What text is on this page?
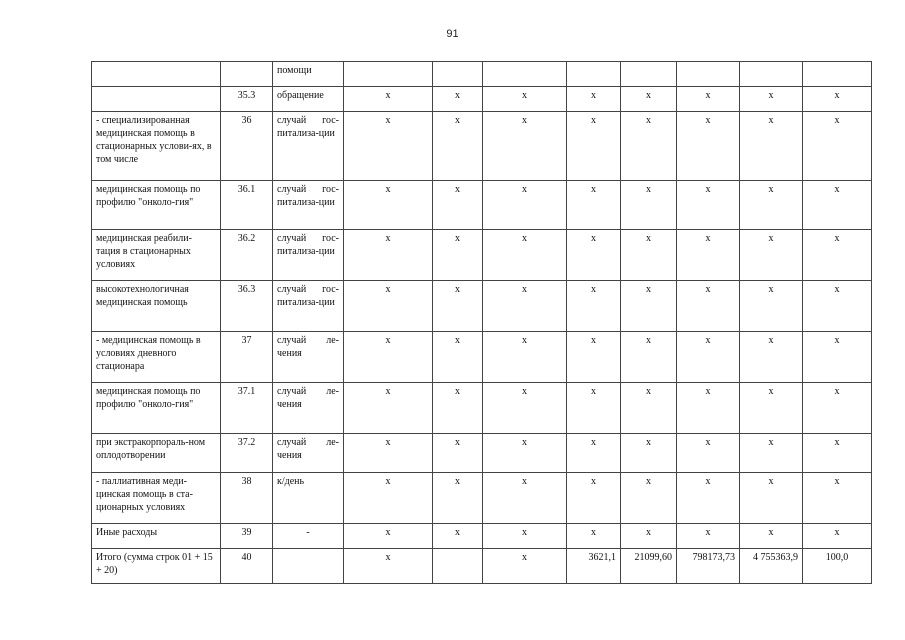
91
		помощи								
	35.3	обращение	х	х	х	х	х	х	х	х
- специализированная медицинская помощь в стационарных услови-ях, в том числе	36	случай гос-питализа-ции	х	х	х	х	х	х	х	х
медицинская помощь по профилю "онколо-гия"	36.1	случай гос-питализа-ции	х	х	х	х	х	х	х	х
медицинская реабили-тация в стационарных условиях	36.2	случай гос-питализа-ции	х	х	х	х	х	х	х	х
высокотехнологичная медицинская помощь	36.3	случай гос-питализа-ции	х	х	х	х	х	х	х	х
- медицинская помощь в условиях дневного стационара	37	случай ле-чения	х	х	х	х	х	х	х	х
медицинская помощь по профилю "онколо-гия"	37.1	случай ле-чения	х	х	х	х	х	х	х	х
при экстракорпораль-ном оплодотворении	37.2	случай ле-чения	х	х	х	х	х	х	х	х
- паллиативная меди-цинская помощь в ста-ционарных условиях	38	к/день	х	х	х	х	х	х	х	х
Иные расходы	39	-	х	х	х	х	х	х	х	х
Итого (сумма строк 01 + 15 + 20)	40		х		х	3621,1	21099,60	798173,73	4 755363,9	100,0
